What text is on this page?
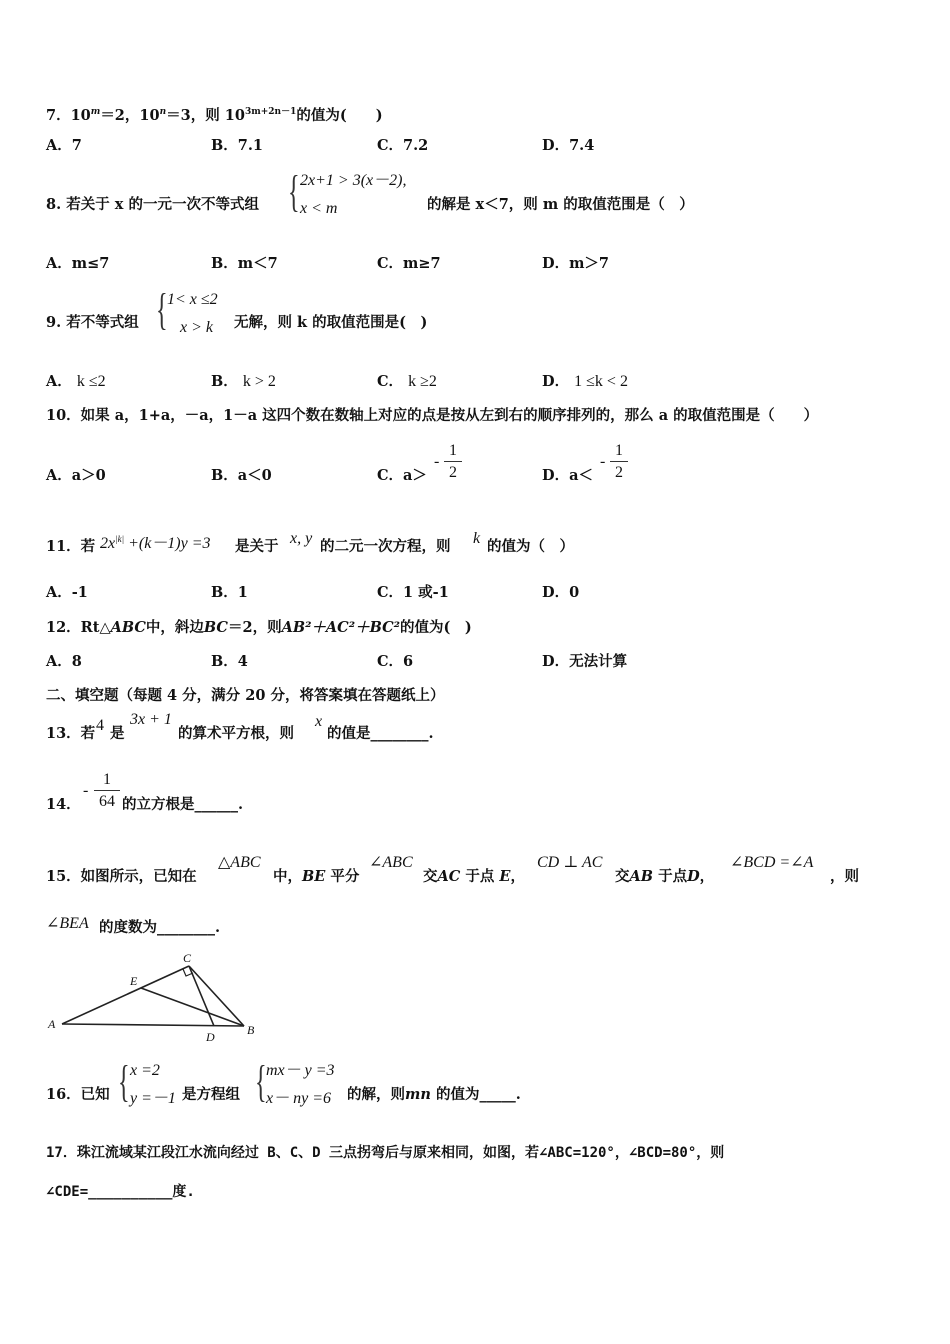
7．$10^m=2$，$10^n=3$，则 $10^{3m+2n-1}$的值为(　　)
A．7	B．7.1	C．7.2	D．7.4
8. 若关于 x 的一元一次不等式组 { 2x+1 > 3(x－2),
x < m	的解是 x＜7，则 m 的取值范围是（　）
A．m≤7	B．m＜7	C．m≥7	D．m＞7
9. 若不等式组 { 1< x ≤2
x > k 无解，则 k 的取值范围是(　)
A． k ≤2	B． k > 2	C． k ≥2	D． 1 ≤k < 2
10．如果 a，1+a，－a，1－a 这四个数在数轴上对应的点是按从左到右的顺序排列的，那么 a 的取值范围是（　　）
A．a＞0	B．a＜0	C．a＞
- $\frac{1}{2}$	D．a＜
- $\frac{1}{2}$
11．若 $2x^{|k|} +(k-1)y =3$ 是关于 x, y 的二元一次方程，则 k 的值为（　）
A．-1	B．1	C．1 或-1	D．0
12．Rt△ABC中，斜边BC＝2，则AB²＋AC²＋BC²的值为(　)
A．8	B．4	C．6	D．无法计算
二、填空题（每题 4 分，满分 20 分，将答案填在答题纸上）
13．若 4 是
3x + 1
的算术平方根，则
x
的值是________.
14．
- $\frac{1}{64}$ 的立方根是______.
15．如图所示，已知在
△ABC
中，BE 平分
∠ABC
交AC 于点 E，
CD ⊥ AC
交AB 于点D，
∠BCD =∠A
，则
∠BEA 的度数为________.
A	B
C
D
E
16．已知 { x =2
y =－1 是方程组 { mx－ y =3
x－ ny =6 的解，则mn 的值为_____.
17．珠江流域某江段江水流向经过 B、C、D 三点拐弯后与原来相同，如图，若∠ABC=120°，∠BCD=80°，则
∠CDE=__________度.
